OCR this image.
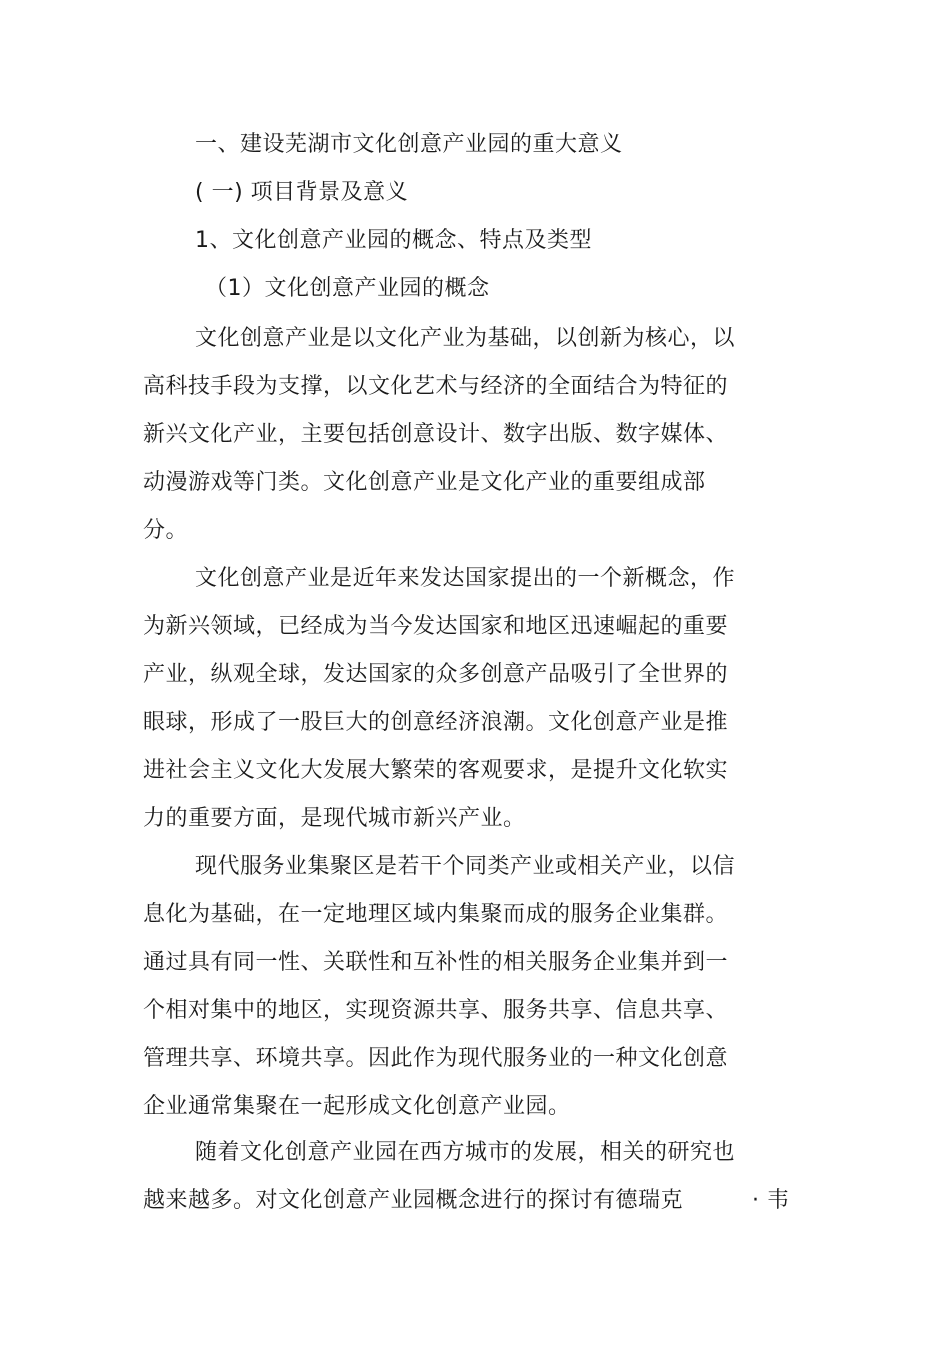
一、建设芜湖市文化创意产业园的重大意义
( 一) 项目背景及意义
1、文化创意产业园的概念、特点及类型
（1）文化创意产业园的概念
文化创意产业是以文化产业为基础，以创新为核心，以
高科技手段为支撑，以文化艺术与经济的全面结合为特征的
新兴文化产业，主要包括创意设计、数字出版、数字媒体、
动漫游戏等门类。文化创意产业是文化产业的重要组成部
分。
文化创意产业是近年来发达国家提出的一个新概念，作
为新兴领域，已经成为当今发达国家和地区迅速崛起的重要
产业，纵观全球，发达国家的众多创意产品吸引了全世界的
眼球，形成了一股巨大的创意经济浪潮。文化创意产业是推
进社会主义文化大发展大繁荣的客观要求，是提升文化软实
力的重要方面，是现代城市新兴产业。
现代服务业集聚区是若干个同类产业或相关产业，以信
息化为基础，在一定地理区域内集聚而成的服务企业集群。
通过具有同一性、关联性和互补性的相关服务企业集并到一
个相对集中的地区，实现资源共享、服务共享、信息共享、
管理共享、环境共享。因此作为现代服务业的一种文化创意
企业通常集聚在一起形成文化创意产业园。
随着文化创意产业园在西方城市的发展，相关的研究也
越来越多。对文化创意产业园概念进行的探讨有德瑞克	· 韦
